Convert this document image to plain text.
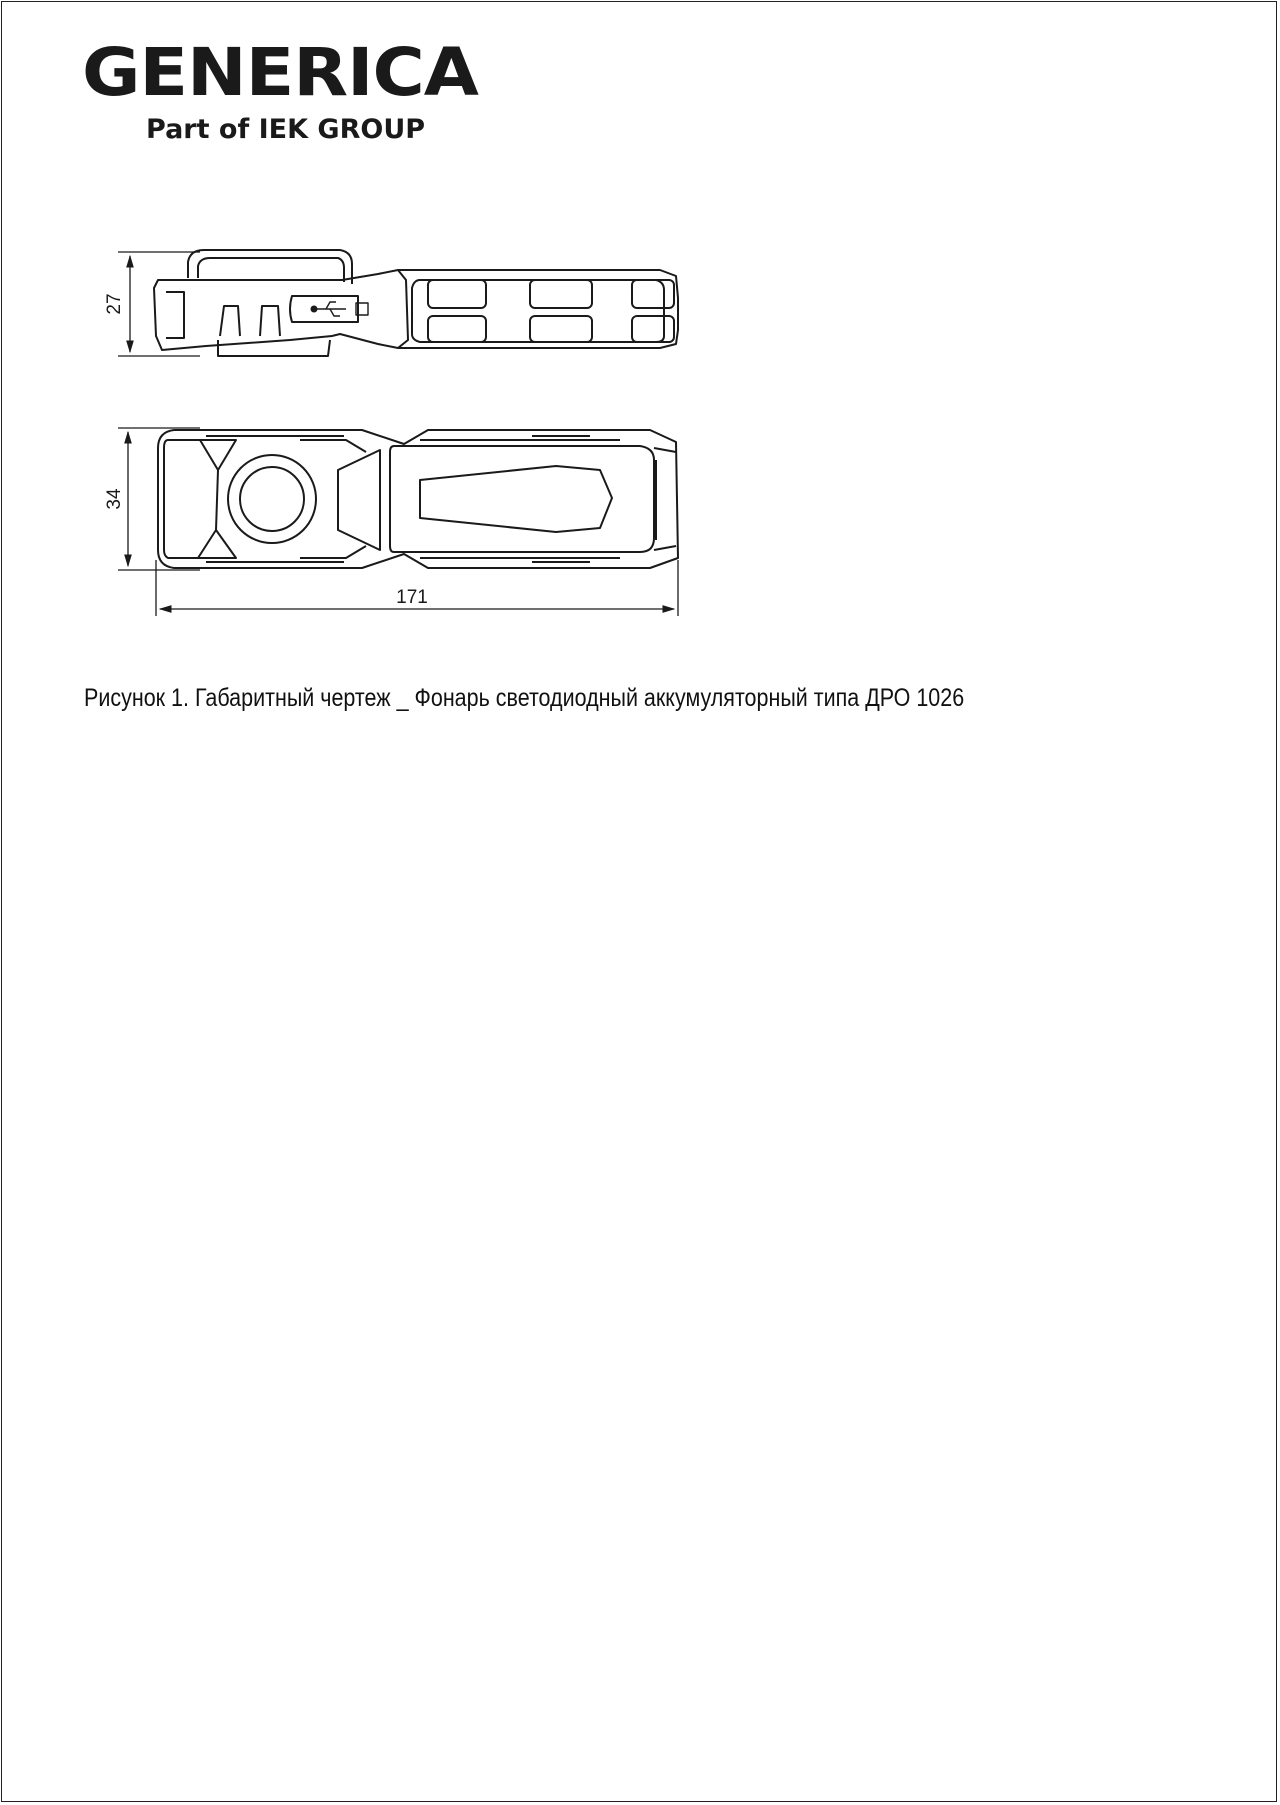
GENERICA
Part of IEK GROUP
27
34
171
Рисунок 1. Габаритный чертеж _ Фонарь светодиодный аккумуляторный типа ДРО 1026
